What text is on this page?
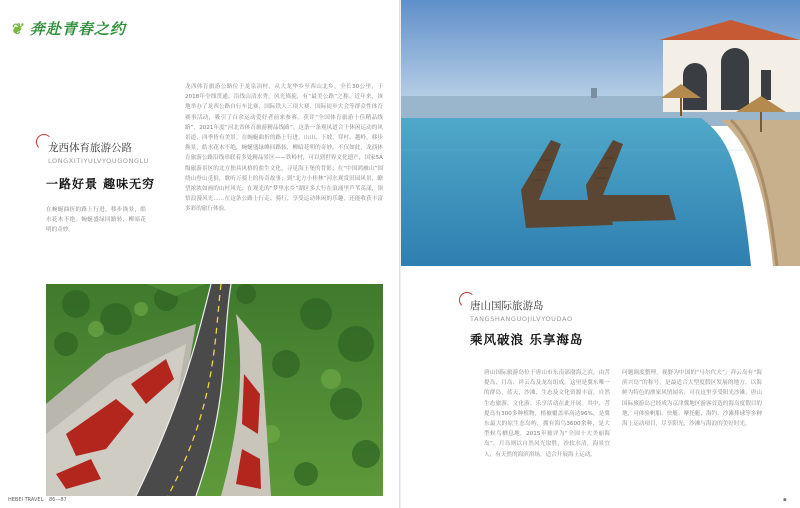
❦ 奔赴青春之约
龙西体育旅游公路
LONGXITIYULVYOUGONGLU
一路好景 趣味无穷
在蜿蜒曲折的路上行进，移步换景，皓水花木不绝。蜿蜒盛绿回路转，柳暗花明的奇妙。
龙西体育旅游公路位于龙泉冶村，从大龙华乡至西山北乡，全长30公里，于2018年全线贯通。沿线山清水秀，风光旖旎，有“最美公路”之称。近年来，该地举办了龙西公路自行车比赛、国际铁人三项大赛、国际徒步大会等群众性体育赛事活动，吸引了百余运动爱好者前来参赛。获评“全国体育旅游十佳精品线路”，2021年度“河北省体育旅游精品线路”。这条一条观风道合于休闲运动的风景道，四季皆有美景。在蜿蜒曲折的路上行进，山山、下坡、穿村、越岭，移步换景，皓水花木不绝，蜿蜒盛绿峰回路转，柳暗花明的奇妙。不仅如此，龙西体育旅游公路沿线串联着多处精品景区——铁岭村，可以到世界文化遗产，国家5A级旅游景区的北方独具风格的盐生文化，寻觅海王堡的背影；在“中国鸿雁山”围绕山登山觅狼，歌听万骑上的传奇故事；到“北方小桂林”河水观赏田园风景，瞭望浓浓如画的山村风光；在观光的“梦里水乡”湖区多大行在浪涌里芦苇荡漾，领悟浪漫风光……在这条公路上行走、骑行，享受运动休闲的乐趣，还能收获丰富多彩的旅行体验。
HEBEI TRAVEL 86—87
唐山国际旅游岛
TANGSHANGUOJILVYOUDAO
乘风破浪 乐享海岛
唐山国际旅游岛位于唐山市东南部渤海之滨，由菩提岛、月岛、祥云岛及龙岛组成。这里是冀东唯一的群岛，蓝天、沙滩、生态及文化资源丰富，自然生态旅游、文化游、乐享活动在此开展。其中，菩提岛有300多种植物，植被覆盖率高达96%，是冀东最大的原生态岛屿，拥有海鸟3600余种，是大型候鸟栖息地。2015年被评为“全国十大美丽海岛”，月岛则以自然风光取胜，沙软水清，海景宜人，有天然的海滨浴场，适合开展海上运动。
问题调度整理，视野为中国的“马尔代夫”；祥云岛有“海滨兴岛”的称号，是最适合大型度假区发展的地方，以海鲜为特色的渔家风情闻名，可在这里享受阳光沙滩。唐山国际旅游岛已经成为京津冀地区游客首选的海岛度假目的地，可体验帆船、快艇、摩托艇、海钓、沙滩排球等多种海上运动项目，尽享阳光、沙滩与海浪的美好时光。
▪
